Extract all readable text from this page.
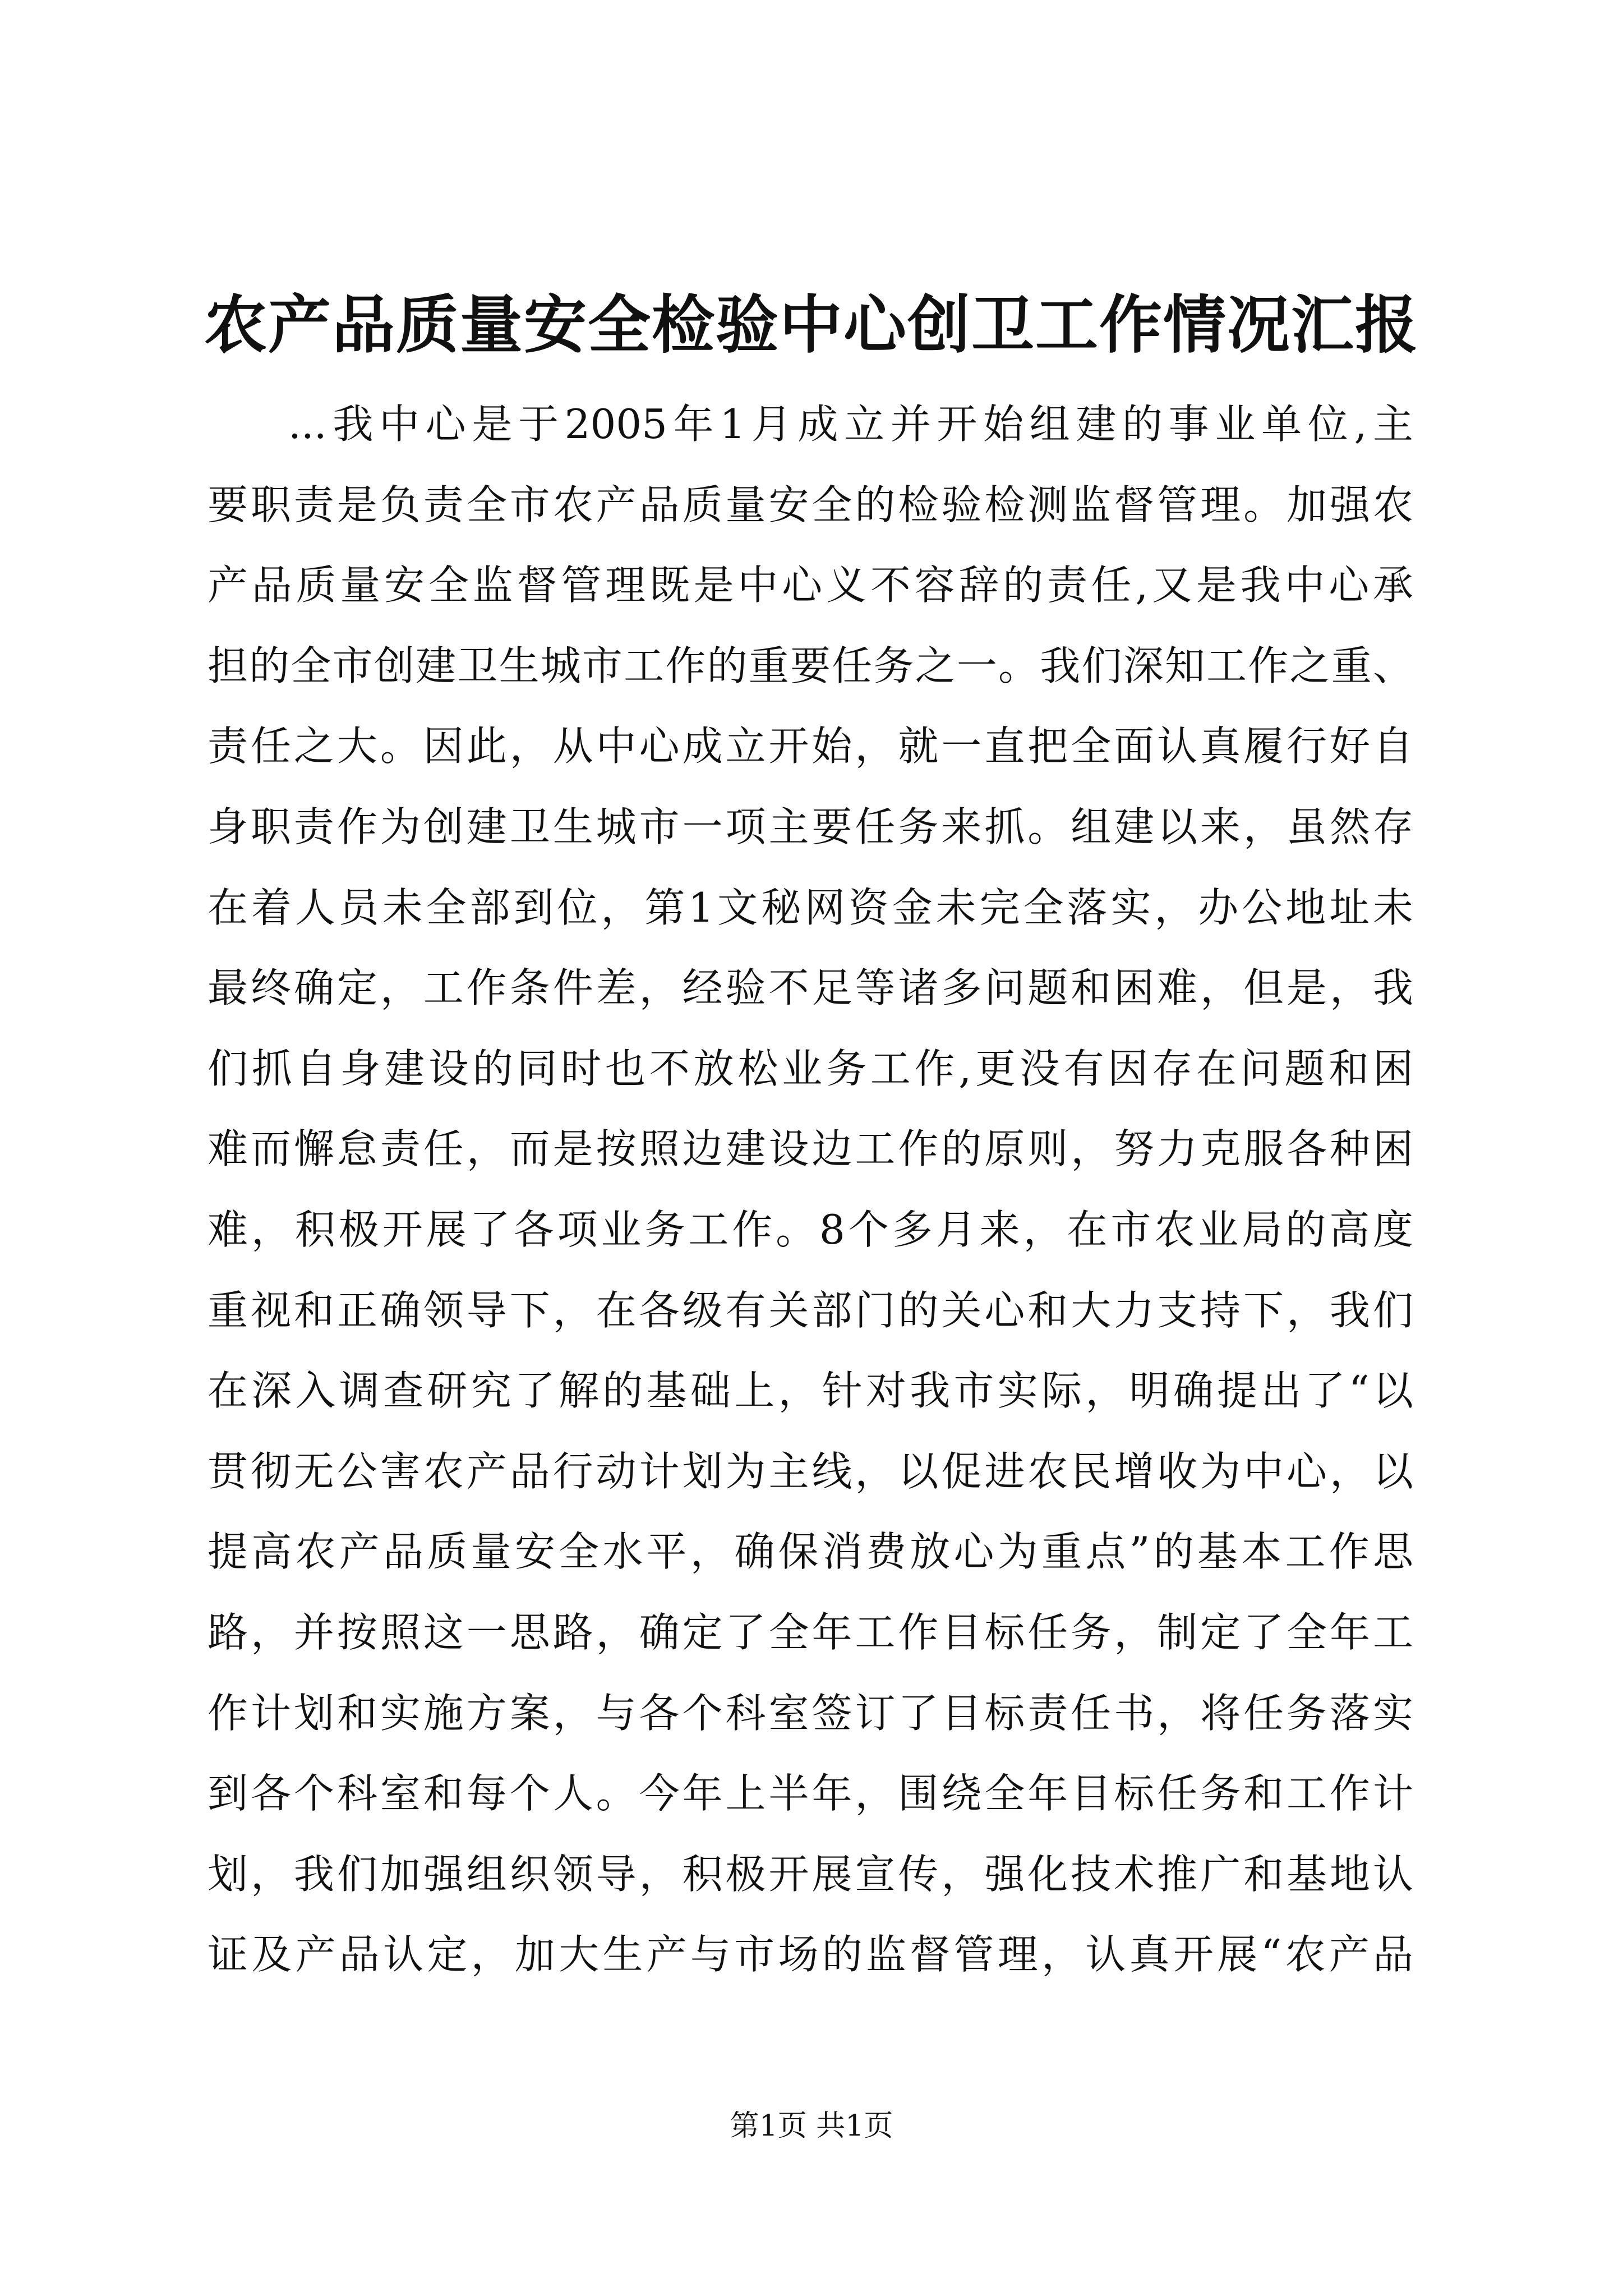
农产品质量安全检验中心创卫工作情况汇报
...我中心是于2005年1月成立并开始组建的事业单位,主
要职责是负责全市农产品质量安全的检验检测监督管理。加强农
产品质量安全监督管理既是中心义不容辞的责任,又是我中心承
担的全市创建卫生城市工作的重要任务之一。我们深知工作之重、
责任之大。因此，从中心成立开始，就一直把全面认真履行好自
身职责作为创建卫生城市一项主要任务来抓。组建以来，虽然存
在着人员未全部到位，第1文秘网资金未完全落实，办公地址未
最终确定，工作条件差，经验不足等诸多问题和困难，但是，我
们抓自身建设的同时也不放松业务工作,更没有因存在问题和困
难而懈怠责任，而是按照边建设边工作的原则，努力克服各种困
难，积极开展了各项业务工作。8个多月来，在市农业局的高度
重视和正确领导下，在各级有关部门的关心和大力支持下，我们
在深入调查研究了解的基础上，针对我市实际，明确提出了“以
贯彻无公害农产品行动计划为主线，以促进农民增收为中心，以
提高农产品质量安全水平，确保消费放心为重点”的基本工作思
路，并按照这一思路，确定了全年工作目标任务，制定了全年工
作计划和实施方案，与各个科室签订了目标责任书，将任务落实
到各个科室和每个人。今年上半年，围绕全年目标任务和工作计
划，我们加强组织领导，积极开展宣传，强化技术推广和基地认
证及产品认定，加大生产与市场的监督管理，认真开展“农产品
第1页 共1页
